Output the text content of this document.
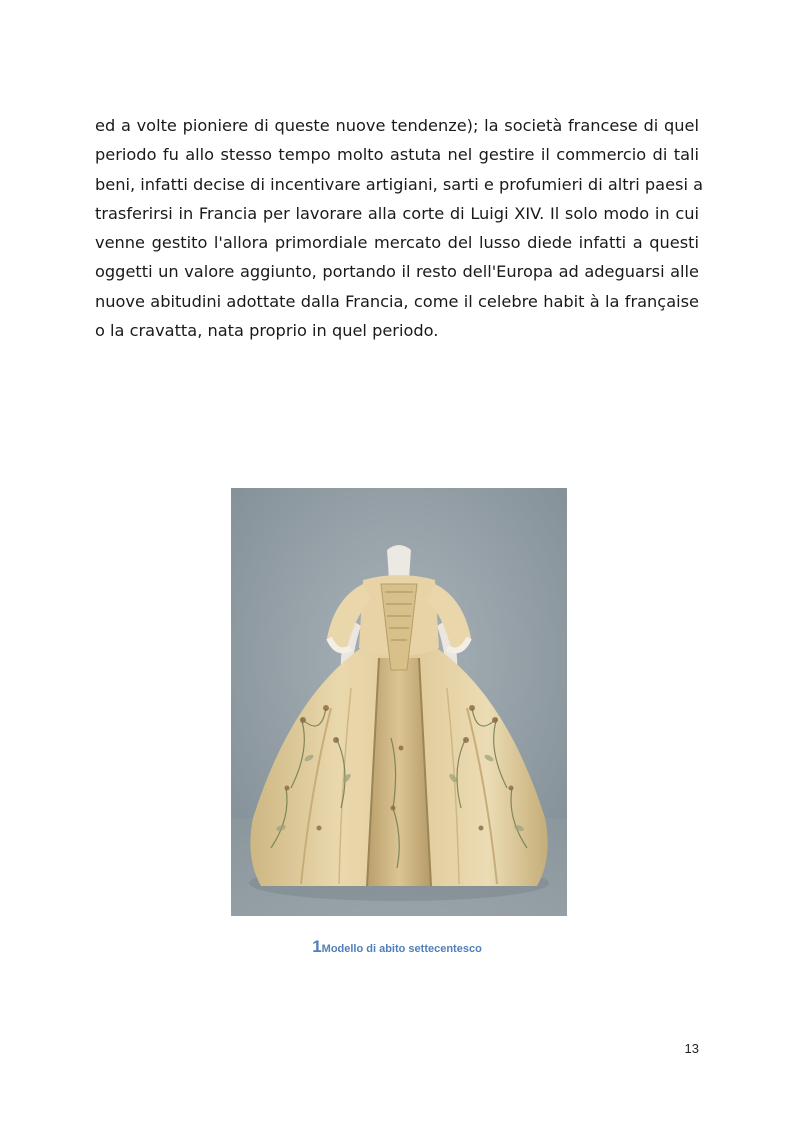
ed a volte pioniere di queste nuove tendenze); la società francese di quel
periodo fu allo stesso tempo molto astuta nel gestire il commercio di tali
beni, infatti decise di incentivare artigiani, sarti e profumieri di altri paesi a
trasferirsi in Francia per lavorare alla corte di Luigi XIV. Il solo modo in cui
venne gestito l'allora primordiale mercato del lusso diede infatti a questi
oggetti un valore aggiunto, portando il resto dell'Europa ad adeguarsi alle
nuove abitudini adottate dalla Francia, come il celebre habit à la française
o la cravatta, nata proprio in quel periodo.
1Modello di abito settecentesco
13
